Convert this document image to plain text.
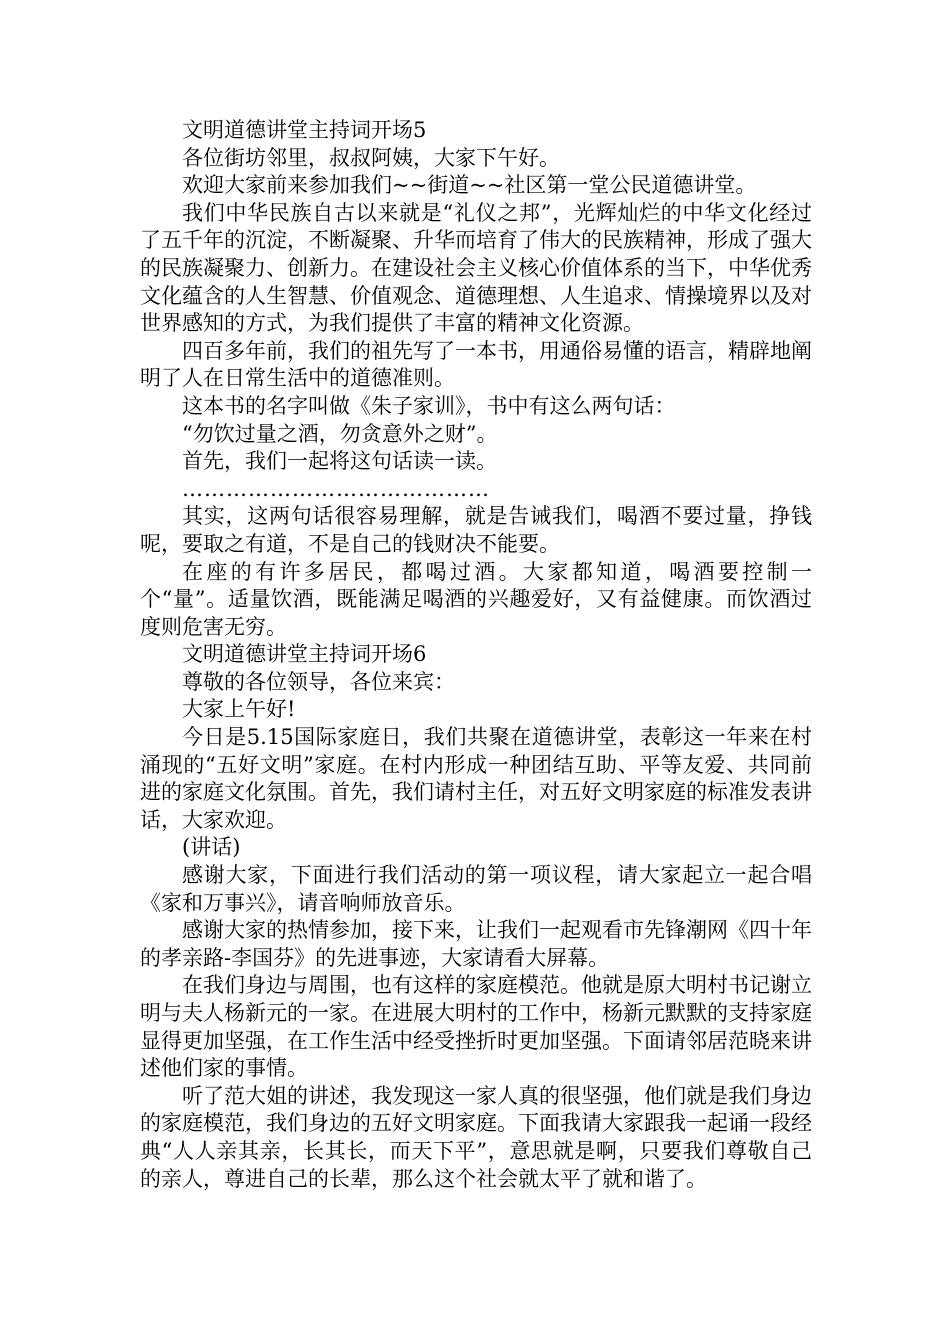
文明道德讲堂主持词开场5

各位街坊邻里，叔叔阿姨，大家下午好。

欢迎大家前来参加我们~~街道~~社区第一堂公民道德讲堂。

我们中华民族自古以来就是“礼仪之邦”，光辉灿烂的中华文化经过了五千年的沉淀，不断凝聚、升华而培育了伟大的民族精神，形成了强大的民族凝聚力、创新力。在建设社会主义核心价值体系的当下，中华优秀文化蕴含的人生智慧、价值观念、道德理想、人生追求、情操境界以及对世界感知的方式，为我们提供了丰富的精神文化资源。

四百多年前，我们的祖先写了一本书，用通俗易懂的语言，精辟地阐明了人在日常生活中的道德准则。

这本书的名字叫做《朱子家训》，书中有这么两句话：

“勿饮过量之酒，勿贪意外之财”。

首先，我们一起将这句话读一读。

……………………………………

其实，这两句话很容易理解，就是告诫我们，喝酒不要过量，挣钱呢，要取之有道，不是自己的钱财决不能要。

在座的有许多居民，都喝过酒。大家都知道，喝酒要控制一个“量”。适量饮酒，既能满足喝酒的兴趣爱好，又有益健康。而饮酒过度则危害无穷。

文明道德讲堂主持词开场6

尊敬的各位领导，各位来宾：

大家上午好!

今日是5.15国际家庭日，我们共聚在道德讲堂，表彰这一年来在村涌现的“五好文明”家庭。在村内形成一种团结互助、平等友爱、共同前进的家庭文化氛围。首先，我们请村主任，对五好文明家庭的标准发表讲话，大家欢迎。

(讲话)

感谢大家，下面进行我们活动的第一项议程，请大家起立一起合唱《家和万事兴》，请音响师放音乐。

感谢大家的热情参加，接下来，让我们一起观看市先锋潮网《四十年的孝亲路-李国芬》的先进事迹，大家请看大屏幕。

在我们身边与周围，也有这样的家庭模范。他就是原大明村书记谢立明与夫人杨新元的一家。在进展大明村的工作中，杨新元默默的支持家庭显得更加坚强，在工作生活中经受挫折时更加坚强。下面请邻居范晓来讲述他们家的事情。

听了范大姐的讲述，我发现这一家人真的很坚强，他们就是我们身边的家庭模范，我们身边的五好文明家庭。下面我请大家跟我一起诵一段经典“人人亲其亲，长其长，而天下平”，意思就是啊，只要我们尊敬自己的亲人，尊进自己的长辈，那么这个社会就太平了就和谐了。
